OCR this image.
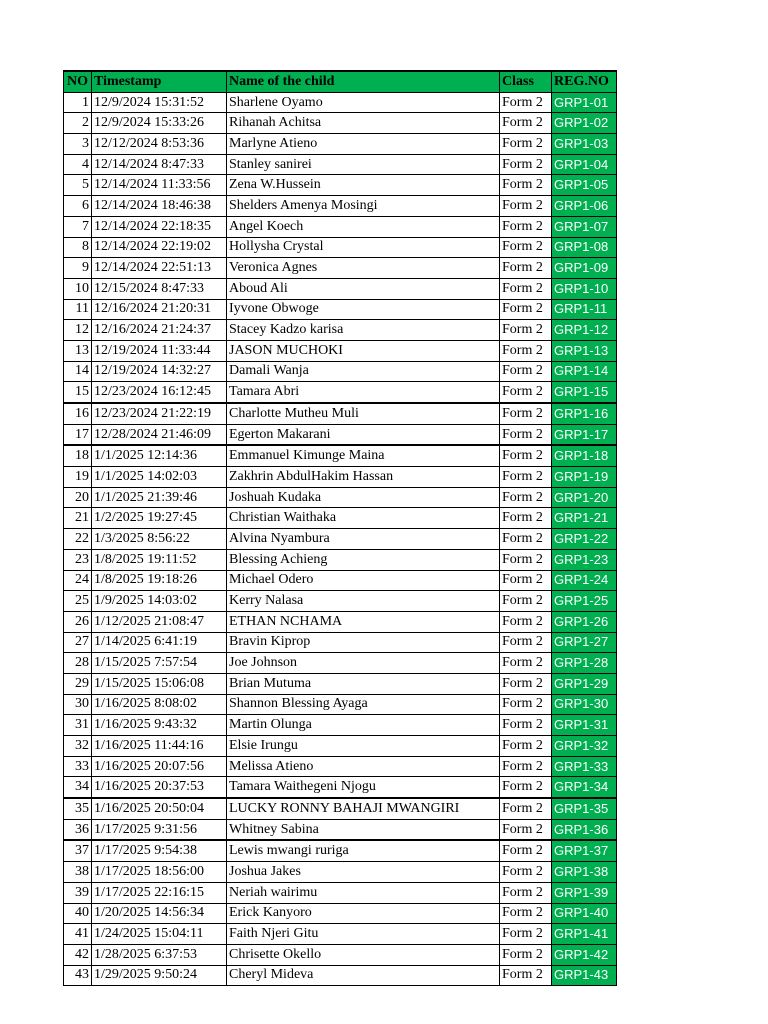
NO	Timestamp	Name of the child	Class	REG.NO
1	12/9/2024 15:31:52	Sharlene Oyamo	Form 2	GRP1-01
2	12/9/2024 15:33:26	Rihanah Achitsa	Form 2	GRP1-02
3	12/12/2024 8:53:36	Marlyne Atieno	Form 2	GRP1-03
4	12/14/2024 8:47:33	Stanley sanirei	Form 2	GRP1-04
5	12/14/2024 11:33:56	Zena W.Hussein	Form 2	GRP1-05
6	12/14/2024 18:46:38	Shelders Amenya Mosingi	Form 2	GRP1-06
7	12/14/2024 22:18:35	Angel Koech	Form 2	GRP1-07
8	12/14/2024 22:19:02	Hollysha Crystal	Form 2	GRP1-08
9	12/14/2024 22:51:13	Veronica Agnes	Form 2	GRP1-09
10	12/15/2024 8:47:33	Aboud Ali	Form 2	GRP1-10
11	12/16/2024 21:20:31	Iyvone Obwoge	Form 2	GRP1-11
12	12/16/2024 21:24:37	Stacey Kadzo karisa	Form 2	GRP1-12
13	12/19/2024 11:33:44	JASON MUCHOKI	Form 2	GRP1-13
14	12/19/2024 14:32:27	Damali Wanja	Form 2	GRP1-14
15	12/23/2024 16:12:45	Tamara Abri	Form 2	GRP1-15
16	12/23/2024 21:22:19	Charlotte Mutheu Muli	Form 2	GRP1-16
17	12/28/2024 21:46:09	Egerton Makarani	Form 2	GRP1-17
18	1/1/2025 12:14:36	Emmanuel Kimunge Maina	Form 2	GRP1-18
19	1/1/2025 14:02:03	Zakhrin AbdulHakim Hassan	Form 2	GRP1-19
20	1/1/2025 21:39:46	Joshuah Kudaka	Form 2	GRP1-20
21	1/2/2025 19:27:45	Christian Waithaka	Form 2	GRP1-21
22	1/3/2025 8:56:22	Alvina Nyambura	Form 2	GRP1-22
23	1/8/2025 19:11:52	Blessing Achieng	Form 2	GRP1-23
24	1/8/2025 19:18:26	Michael Odero	Form 2	GRP1-24
25	1/9/2025 14:03:02	Kerry Nalasa	Form 2	GRP1-25
26	1/12/2025 21:08:47	ETHAN NCHAMA	Form 2	GRP1-26
27	1/14/2025 6:41:19	Bravin Kiprop	Form 2	GRP1-27
28	1/15/2025 7:57:54	Joe Johnson	Form 2	GRP1-28
29	1/15/2025 15:06:08	Brian Mutuma	Form 2	GRP1-29
30	1/16/2025 8:08:02	Shannon Blessing Ayaga	Form 2	GRP1-30
31	1/16/2025 9:43:32	Martin Olunga	Form 2	GRP1-31
32	1/16/2025 11:44:16	Elsie Irungu	Form 2	GRP1-32
33	1/16/2025 20:07:56	Melissa Atieno	Form 2	GRP1-33
34	1/16/2025 20:37:53	Tamara Waithegeni Njogu	Form 2	GRP1-34
35	1/16/2025 20:50:04	LUCKY RONNY BAHAJI MWANGIRI	Form 2	GRP1-35
36	1/17/2025 9:31:56	Whitney Sabina	Form 2	GRP1-36
37	1/17/2025 9:54:38	Lewis mwangi ruriga	Form 2	GRP1-37
38	1/17/2025 18:56:00	Joshua Jakes	Form 2	GRP1-38
39	1/17/2025 22:16:15	Neriah wairimu	Form 2	GRP1-39
40	1/20/2025 14:56:34	Erick Kanyoro	Form 2	GRP1-40
41	1/24/2025 15:04:11	Faith Njeri Gitu	Form 2	GRP1-41
42	1/28/2025 6:37:53	Chrisette Okello	Form 2	GRP1-42
43	1/29/2025 9:50:24	Cheryl Mideva	Form 2	GRP1-43
